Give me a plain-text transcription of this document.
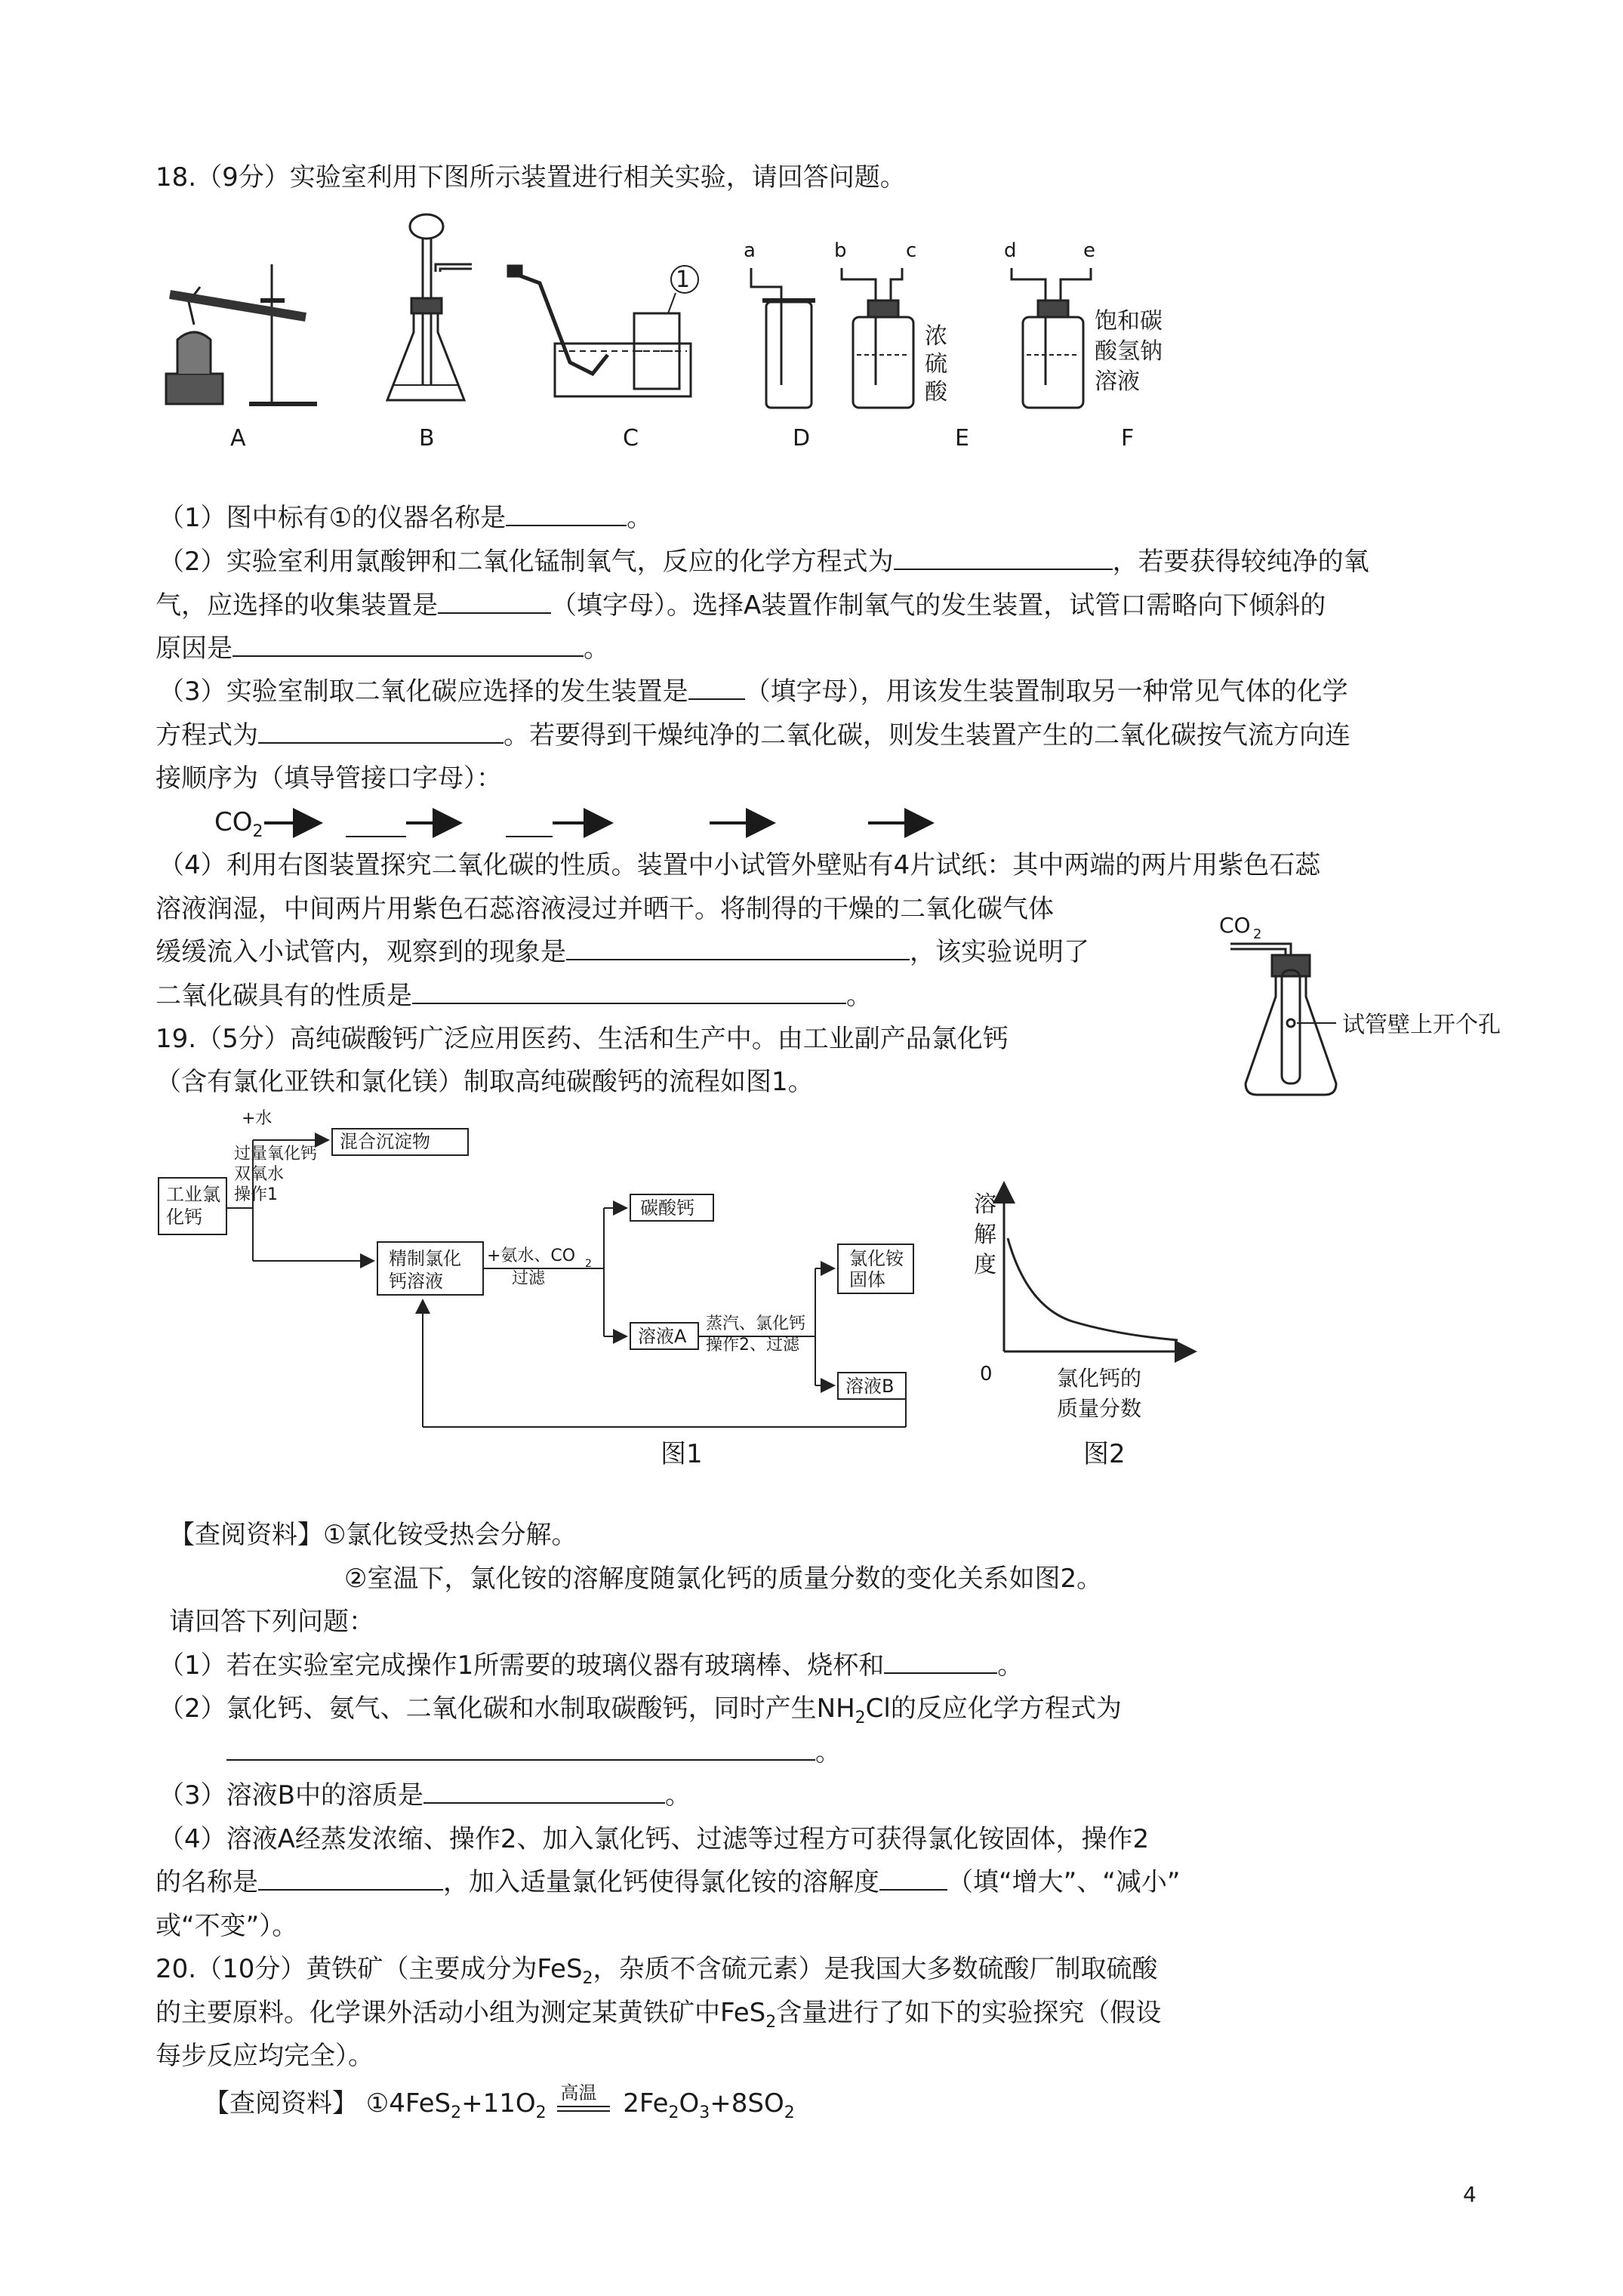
18.（9分）实验室利用下图所示装置进行相关实验，请回答问题。
1
a	b	c
浓
硫
酸
d	e
饱和碳
酸氢钠
溶液
A	B	C	D	E	F
（1）图中标有①的仪器名称是	。
（2）实验室利用氯酸钾和二氧化锰制氧气，反应的化学方程式为	，若要获得较纯净的氧
气，应选择的收集装置是	（填字母）。选择A装置作制氧气的发生装置，试管口需略向下倾斜的
原因是	。
（3）实验室制取二氧化碳应选择的发生装置是 （填字母），用该发生装置制取另一种常见气体的化学
方程式为	。若要得到干燥纯净的二氧化碳，则发生装置产生的二氧化碳按气流方向连
接顺序为（填导管接口字母）：
$CO_2$
（4）利用右图装置探究二氧化碳的性质。装置中小试管外壁贴有4片试纸：其中两端的两片用紫色石蕊
溶液润湿，中间两片用紫色石蕊溶液浸过并晒干。将制得的干燥的二氧化碳气体
缓缓流入小试管内，观察到的现象是	，该实验说明了
二氧化碳具有的性质是	。
CO 2
试管壁上开个孔
19.（5分）高纯碳酸钙广泛应用医药、生活和生产中。由工业副产品氯化钙
（含有氯化亚铁和氯化镁）制取高纯碳酸钙的流程如图1。
工业氯
化钙
+水
过量氧化钙
双氧水
操作1
混合沉淀物
精制氯化
钙溶液
+氨水、CO 2
过滤
碳酸钙
溶液A
蒸汽、氯化钙
操作2、过滤
氯化铵
固体
溶液B
溶
解
度
0	氯化钙的
质量分数
图1	图2
【查阅资料】①氯化铵受热会分解。
②室温下，氯化铵的溶解度随氯化钙的质量分数的变化关系如图2。
请回答下列问题：
（1）若在实验室完成操作1所需要的玻璃仪器有玻璃棒、烧杯和	。
（2）氯化钙、氨气、二氧化碳和水制取碳酸钙，同时产生$NH_2Cl$的反应化学方程式为
。
（3）溶液B中的溶质是	。
（4）溶液A经蒸发浓缩、操作2、加入氯化钙、过滤等过程方可获得氯化铵固体，操作2
的名称是	，加入适量氯化钙使得氯化铵的溶解度	（填“增大”、“减小”
或“不变”）。
20.（10分）黄铁矿（主要成分为FeS$_2$，杂质不含硫元素）是我国大多数硫酸厂制取硫酸
的主要原料。化学课外活动小组为测定某黄铁矿中FeS$_2$含量进行了如下的实验探究（假设
每步反应均完全）。
【查阅资料】 $①4FeS_2+11O_2$
高温 $2Fe_2O_3+8SO_2$
4
